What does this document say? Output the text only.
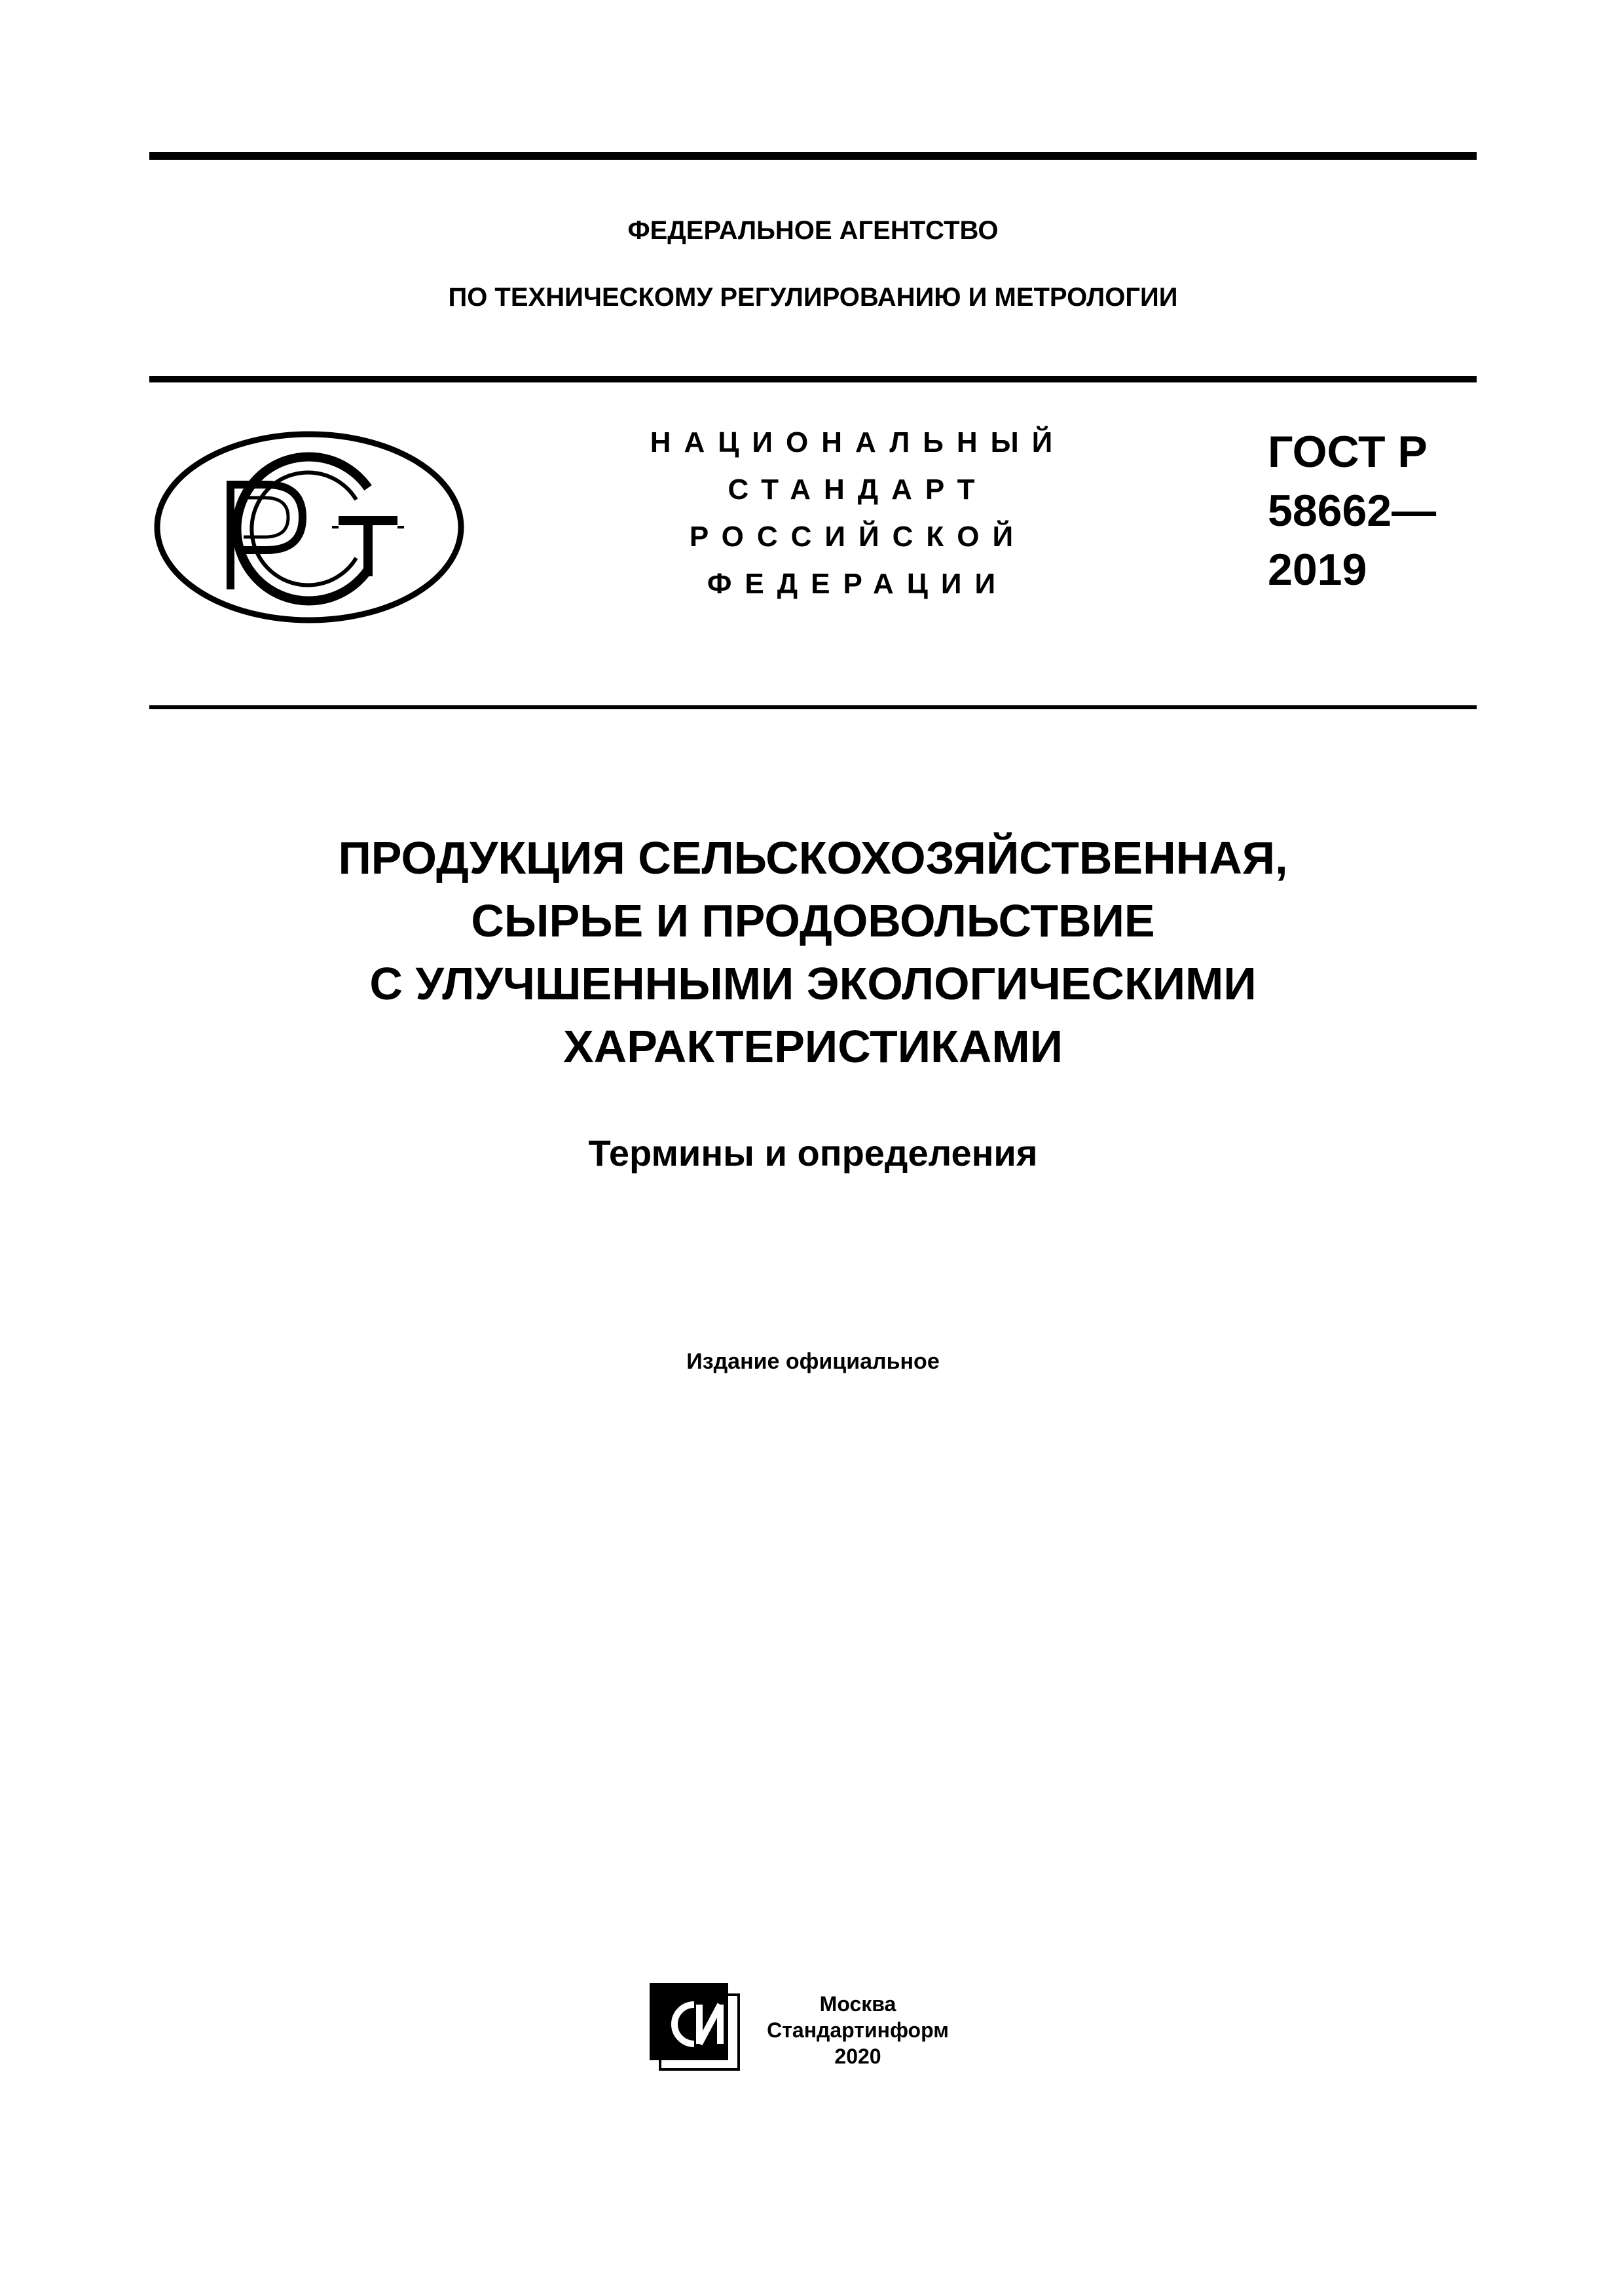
ФЕДЕРАЛЬНОЕ АГЕНТСТВО
ПО ТЕХНИЧЕСКОМУ РЕГУЛИРОВАНИЮ И МЕТРОЛОГИИ
НАЦИОНАЛЬНЫЙ
СТАНДАРТ
РОССИЙСКОЙ
ФЕДЕРАЦИИ
ГОСТ Р
58662—
2019
ПРОДУКЦИЯ СЕЛЬСКОХОЗЯЙСТВЕННАЯ,
СЫРЬЕ И ПРОДОВОЛЬСТВИЕ
С УЛУЧШЕННЫМИ ЭКОЛОГИЧЕСКИМИ
ХАРАКТЕРИСТИКАМИ
Термины и определения
Издание официальное
Москва
Стандартинформ
2020
